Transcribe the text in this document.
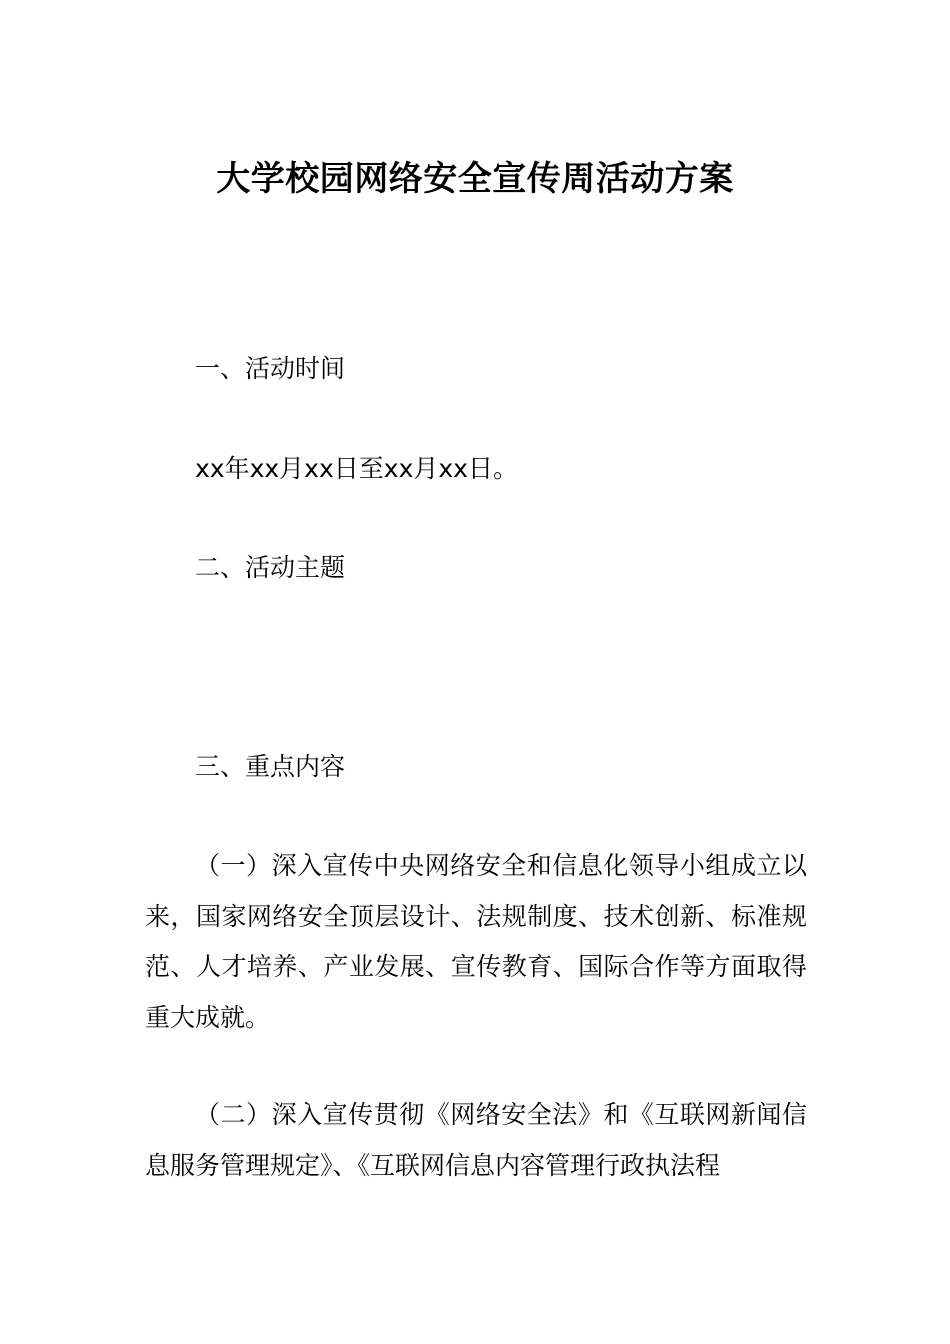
大学校园网络安全宣传周活动方案
一、活动时间
xx年xx月xx日至xx月xx日。
二、活动主题
三、重点内容

（一）深入宣传中央网络安全和信息化领导小组成立以来，国家网络安全顶层设计、法规制度、技术创新、标准规范、人才培养、产业发展、宣传教育、国际合作等方面取得重大成就。

（二）深入宣传贯彻《网络安全法》和《互联网新闻信息服务管理规定》、《互联网信息内容管理行政执法程
